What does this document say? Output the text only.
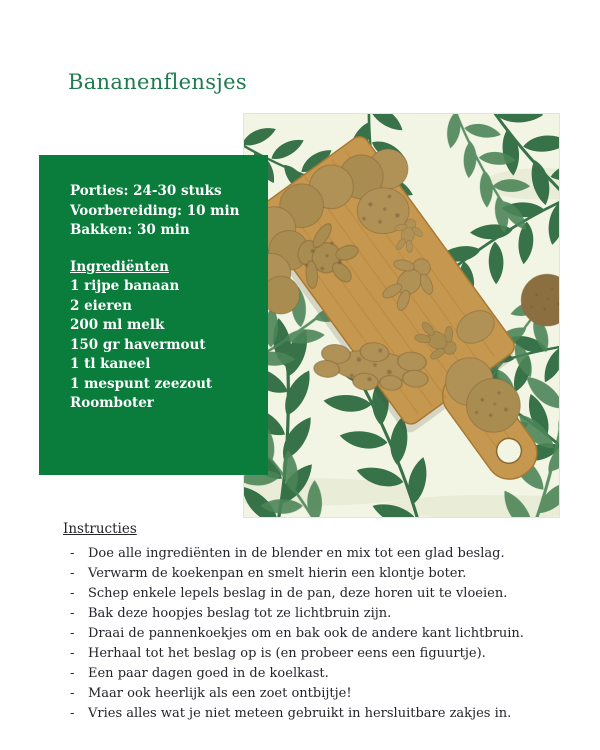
Bananenflensjes

Porties: 24-30 stuks

Voorbereiding: 10 min

Bakken: 30 min

Ingrediënten

1 rijpe banaan

2 eieren

200 ml melk

150 gr havermout

1 tl kaneel

1 mespunt zeezout

Roomboter

Instructies

-	Doe alle ingrediënten in de blender en mix tot een glad beslag.
-	Verwarm de koekenpan en smelt hierin een klontje boter.
-	Schep enkele lepels beslag in de pan, deze horen uit te vloeien.
-	Bak deze hoopjes beslag tot ze lichtbruin zijn.
-	Draai de pannenkoekjes om en bak ook de andere kant lichtbruin.
-	Herhaal tot het beslag op is (en probeer eens een figuurtje).
-	Een paar dagen goed in de koelkast.
-	Maar ook heerlijk als een zoet ontbijtje!
-	Vries alles wat je niet meteen gebruikt in hersluitbare zakjes in.
